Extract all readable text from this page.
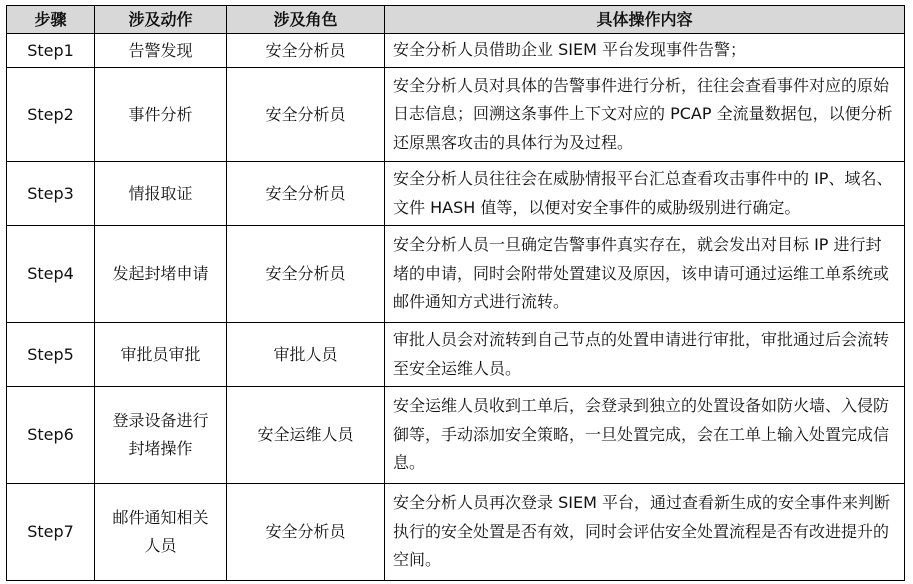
步骤	涉及动作	涉及角色	具体操作内容
Step1	告警发现	安全分析员	安全分析人员借助企业 SIEM 平台发现事件告警；
Step2	事件分析	安全分析员	安全分析人员对具体的告警事件进行分析，往往会查看事件对应的原始日志信息；回溯这条事件上下文对应的 PCAP 全流量数据包，以便分析还原黑客攻击的具体行为及过程。
Step3	情报取证	安全分析员	安全分析人员往往会在威胁情报平台汇总查看攻击事件中的 IP、域名、文件 HASH 值等，以便对安全事件的威胁级别进行确定。
Step4	发起封堵申请	安全分析员	安全分析人员一旦确定告警事件真实存在，就会发出对目标 IP 进行封堵的申请，同时会附带处置建议及原因，该申请可通过运维工单系统或邮件通知方式进行流转。
Step5	审批员审批	审批人员	审批人员会对流转到自己节点的处置申请进行审批，审批通过后会流转至安全运维人员。
Step6	登录设备进行封堵操作	安全运维人员	安全运维人员收到工单后，会登录到独立的处置设备如防火墙、入侵防御等，手动添加安全策略，一旦处置完成，会在工单上输入处置完成信息。
Step7	邮件通知相关人员	安全分析员	安全分析人员再次登录 SIEM 平台，通过查看新生成的安全事件来判断执行的安全处置是否有效，同时会评估安全处置流程是否有改进提升的空间。
